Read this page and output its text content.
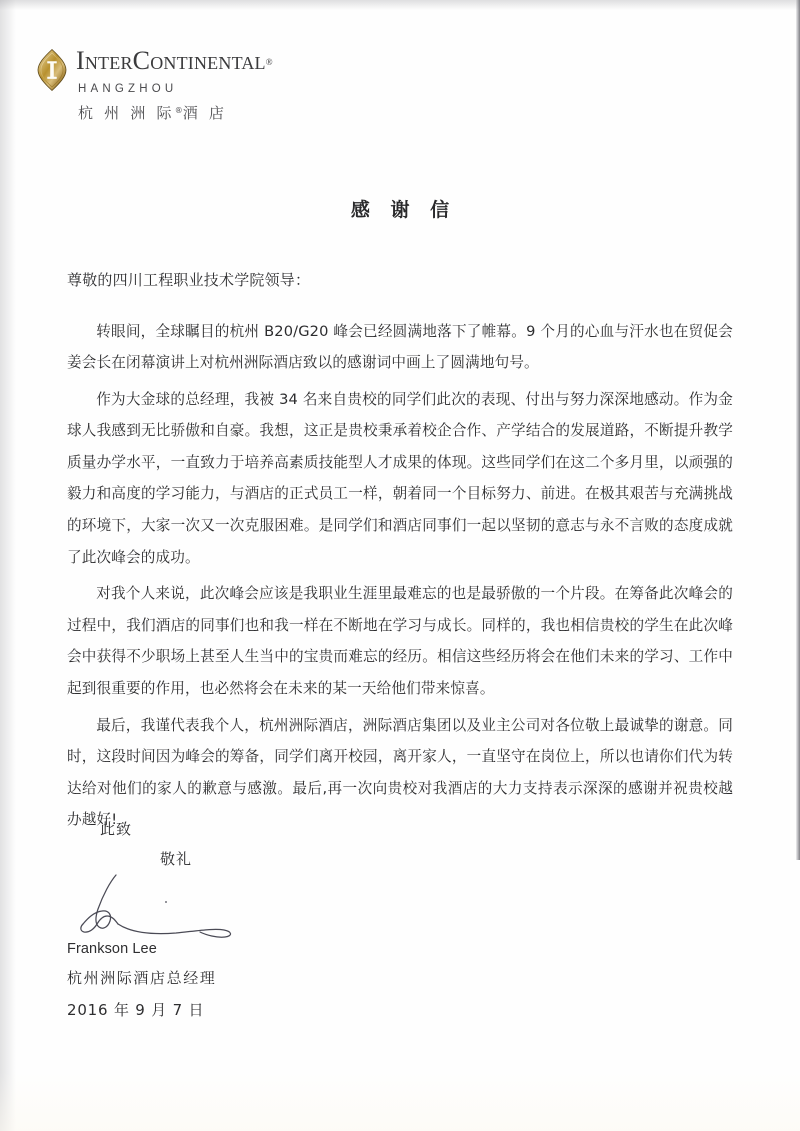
InterContinental®
HANGZHOU
杭 州 洲 际®酒 店
感 谢 信

尊敬的四川工程职业技术学院领导：

转眼间，全球瞩目的杭州 B20/G20 峰会已经圆满地落下了帷幕。9 个月的心血与汗水也在贸促会姜会长在闭幕演讲上对杭州洲际酒店致以的感谢词中画上了圆满地句号。

作为大金球的总经理，我被 34 名来自贵校的同学们此次的表现、付出与努力深深地感动。作为金球人我感到无比骄傲和自豪。我想，这正是贵校秉承着校企合作、产学结合的发展道路，不断提升教学质量办学水平，一直致力于培养高素质技能型人才成果的体现。这些同学们在这二个多月里，以顽强的毅力和高度的学习能力，与酒店的正式员工一样，朝着同一个目标努力、前进。在极其艰苦与充满挑战的环境下，大家一次又一次克服困难。是同学们和酒店同事们一起以坚韧的意志与永不言败的态度成就了此次峰会的成功。

对我个人来说，此次峰会应该是我职业生涯里最难忘的也是最骄傲的一个片段。在筹备此次峰会的过程中，我们酒店的同事们也和我一样在不断地在学习与成长。同样的，我也相信贵校的学生在此次峰会中获得不少职场上甚至人生当中的宝贵而难忘的经历。相信这些经历将会在他们未来的学习、工作中起到很重要的作用，也必然将会在未来的某一天给他们带来惊喜。

最后，我谨代表我个人，杭州洲际酒店，洲际酒店集团以及业主公司对各位敬上最诚挚的谢意。同时，这段时间因为峰会的筹备，同学们离开校园，离开家人，一直坚守在岗位上，所以也请你们代为转达给对他们的家人的歉意与感激。最后,再一次向贵校对我酒店的大力支持表示深深的感谢并祝贵校越办越好!

此致
敬礼
Frankson Lee
杭州洲际酒店总经理
2016 年 9 月 7 日
